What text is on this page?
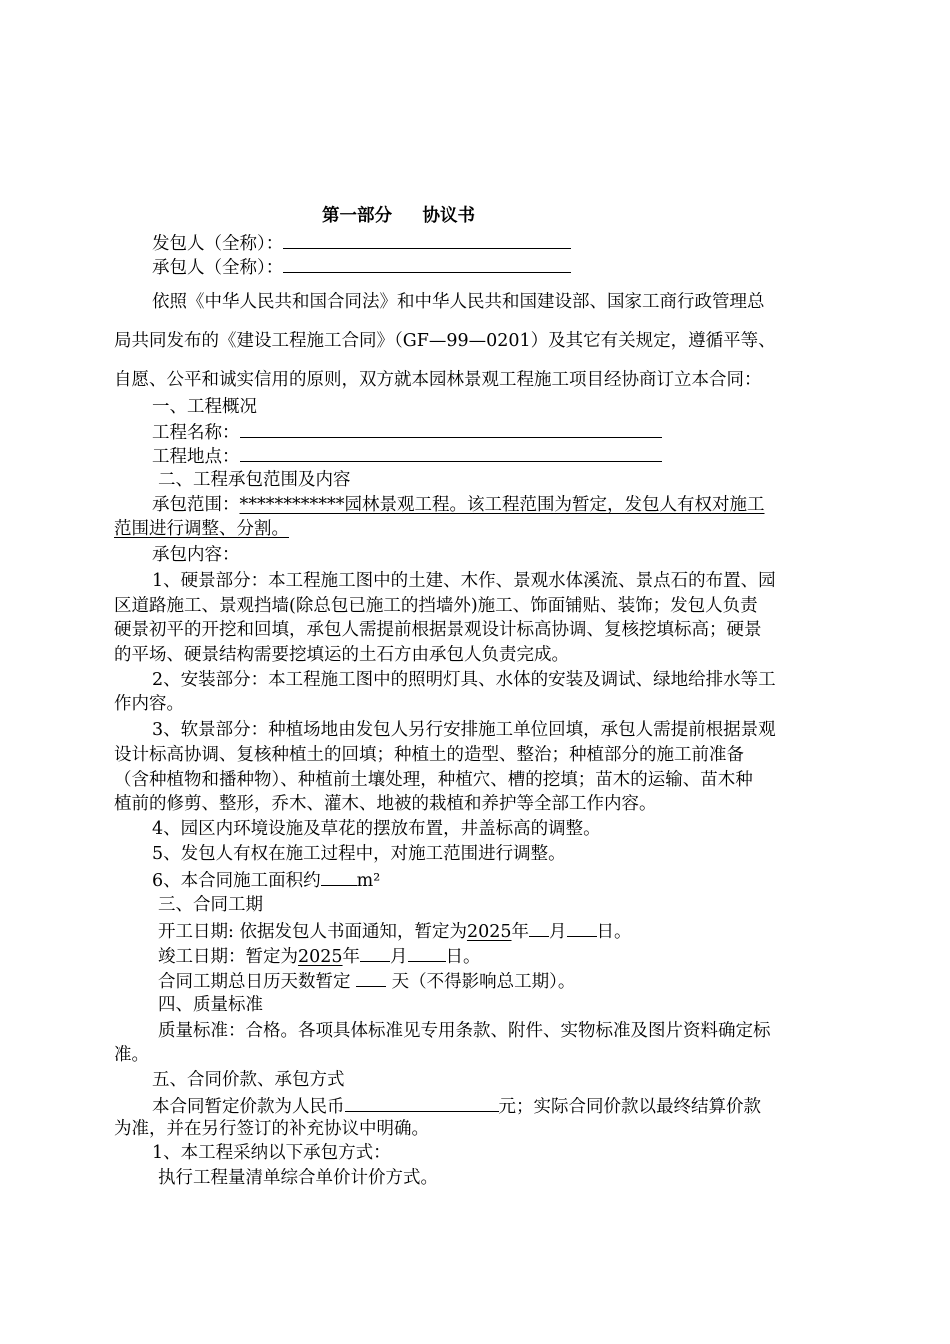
第一部分     协议书
发包人（全称）：
承包人（全称）：
依照《中华人民共和国合同法》和中华人民共和国建设部、国家工商行政管理总
局共同发布的《建设工程施工合同》（GF—99—0201）及其它有关规定，遵循平等、
自愿、公平和诚实信用的原则，双方就本园林景观工程施工项目经协商订立本合同：
一、工程概况
工程名称：
工程地点：
二、工程承包范围及内容
承包范围：************园林景观工程。该工程范围为暂定，发包人有权对施工
范围进行调整、分割。
承包内容：
1、硬景部分：本工程施工图中的土建、木作、景观水体溪流、景点石的布置、园
区道路施工、景观挡墙(除总包已施工的挡墙外)施工、饰面铺贴、装饰；发包人负责
硬景初平的开挖和回填，承包人需提前根据景观设计标高协调、复核挖填标高；硬景
的平场、硬景结构需要挖填运的土石方由承包人负责完成。
2、安装部分：本工程施工图中的照明灯具、水体的安装及调试、绿地给排水等工
作内容。
3、软景部分：种植场地由发包人另行安排施工单位回填，承包人需提前根据景观
设计标高协调、复核种植土的回填；种植土的造型、整治；种植部分的施工前准备
（含种植物和播种物）、种植前土壤处理，种植穴、槽的挖填；苗木的运输、苗木种
植前的修剪、整形，乔木、灌木、地被的栽植和养护等全部工作内容。
4、园区内环境设施及草花的摆放布置，井盖标高的调整。
5、发包人有权在施工过程中，对施工范围进行调整。
6、本合同施工面积约 m²
三、合同工期
开工日期: 依据发包人书面通知，暂定为2025年 月 日。
竣工日期：暂定为2025年 月 日。
合同工期总日历天数暂定  天（不得影响总工期）。
四、质量标准
质量标准：合格。各项具体标准见专用条款、附件、实物标准及图片资料确定标
准。
五、合同价款、承包方式
本合同暂定价款为人民币	元；实际合同价款以最终结算价款
为准，并在另行签订的补充协议中明确。
1、本工程采纳以下承包方式：
执行工程量清单综合单价计价方式。
